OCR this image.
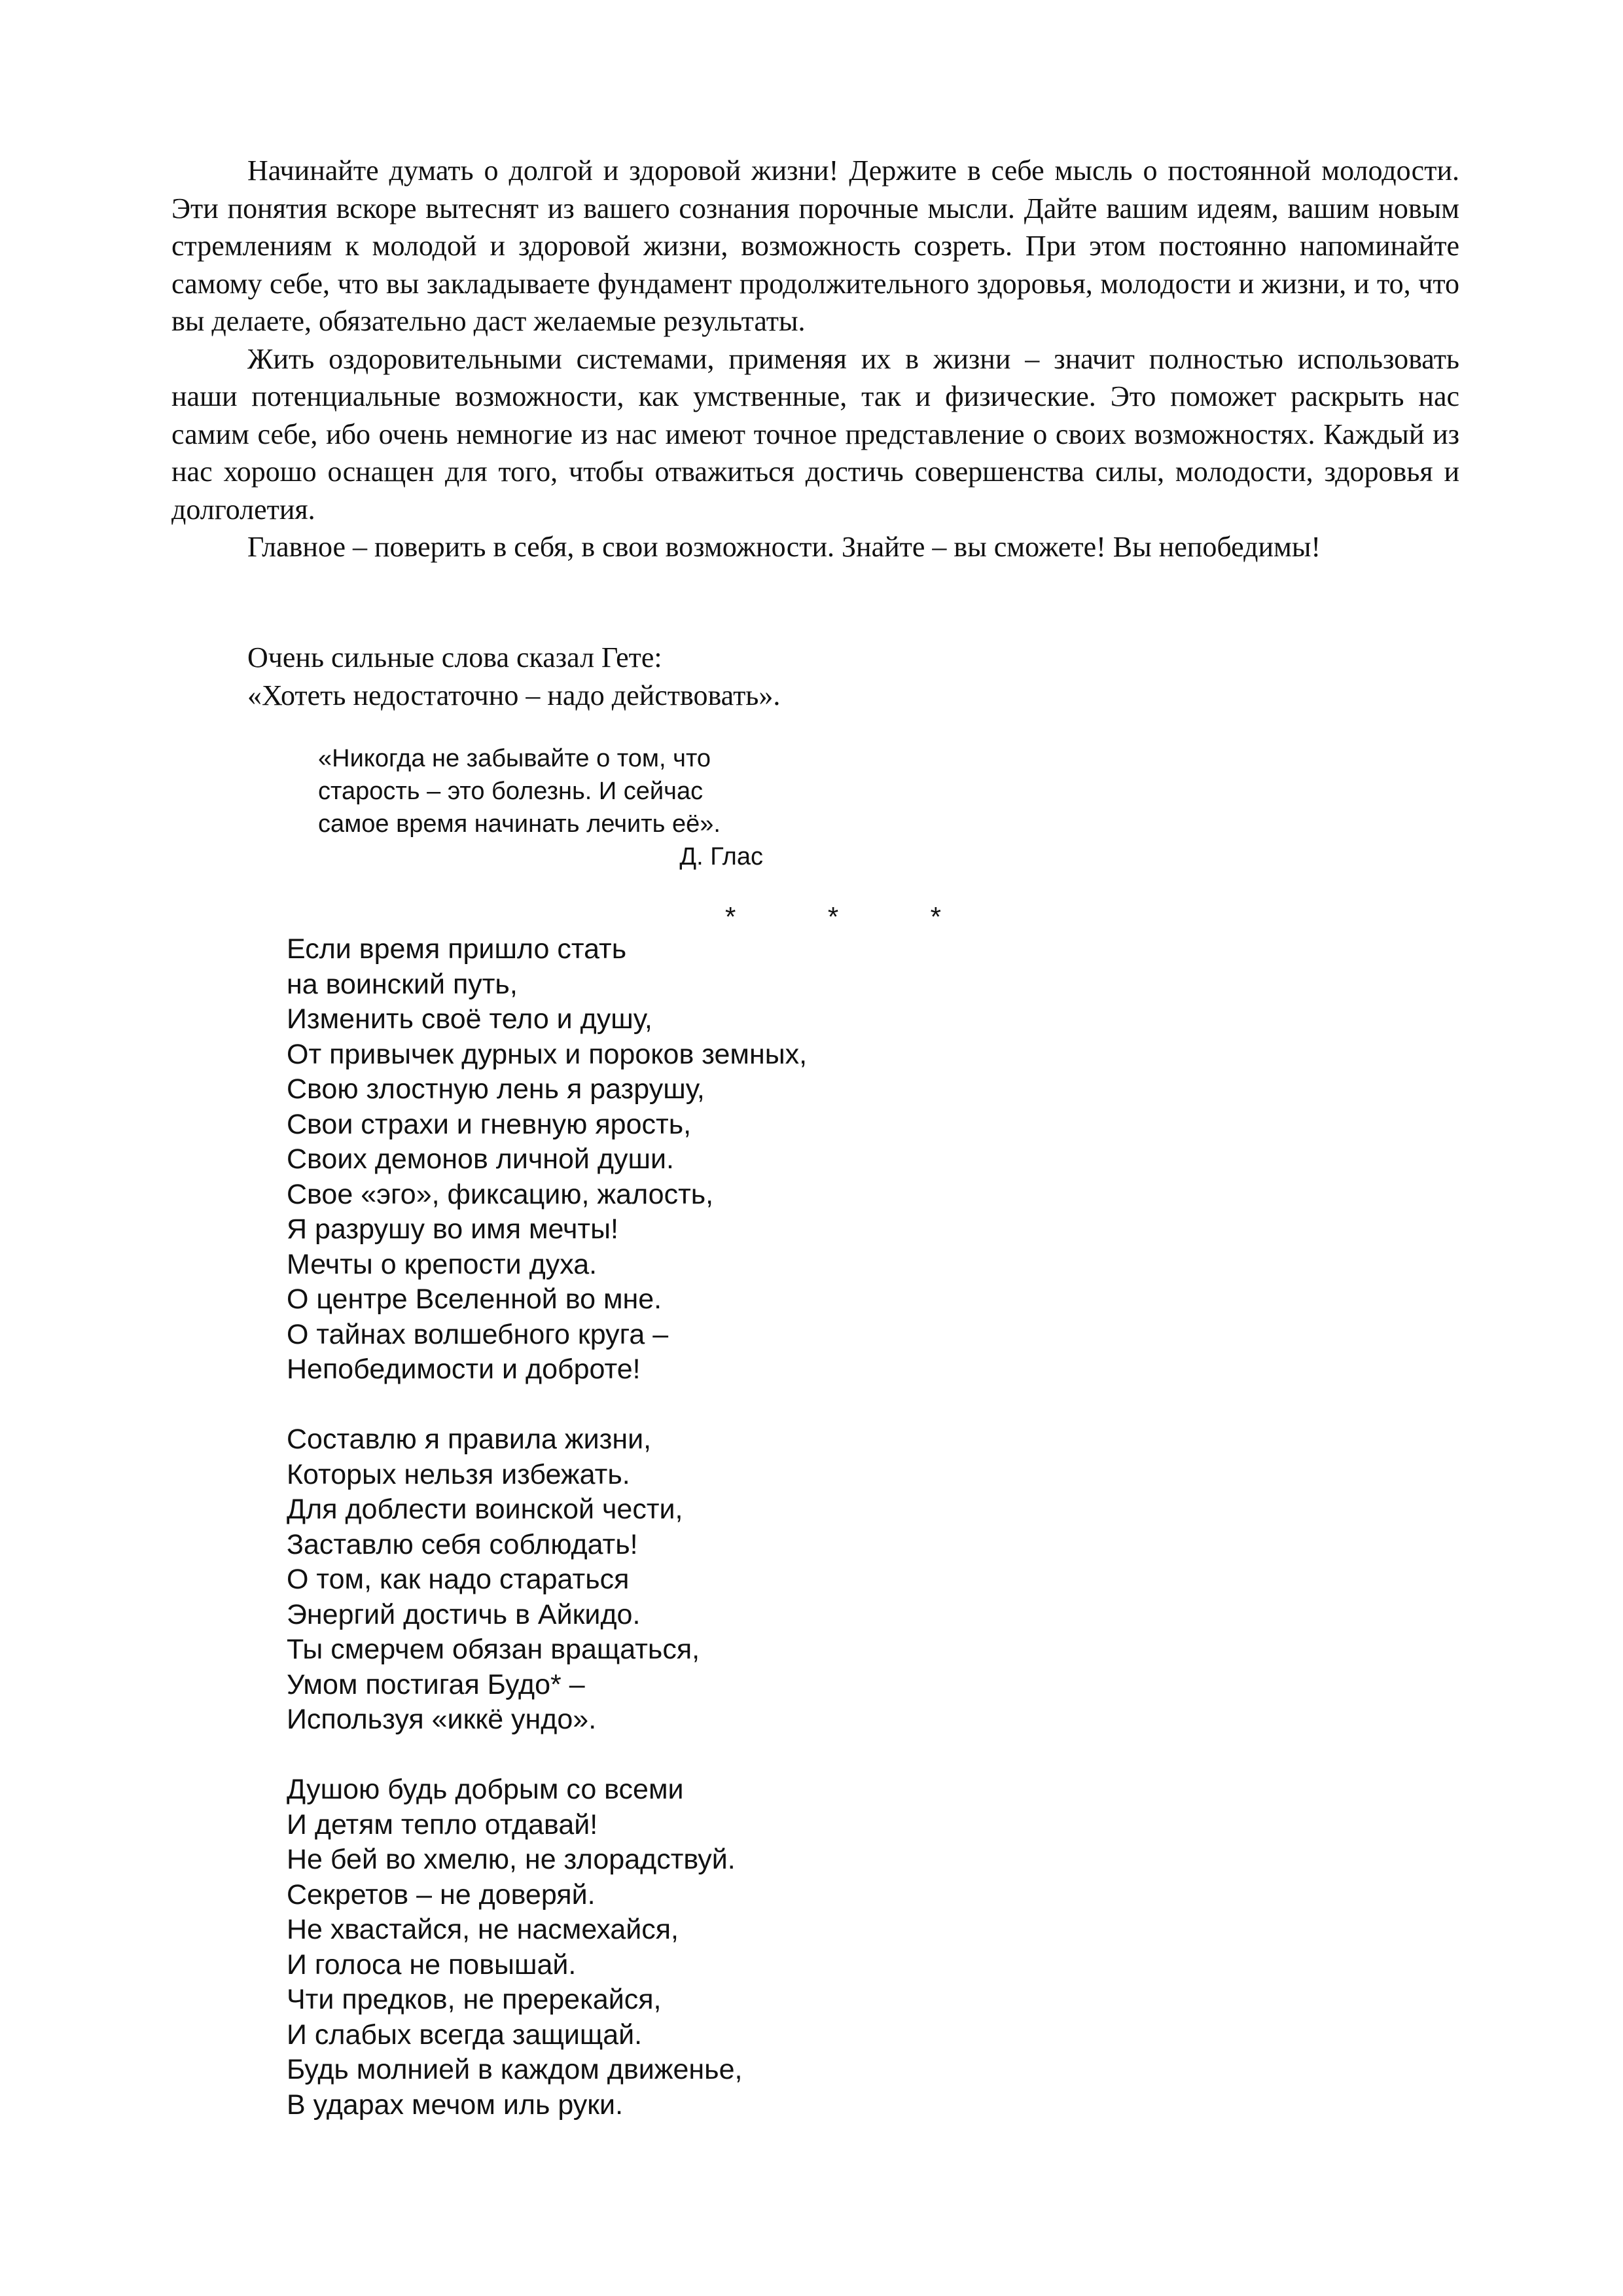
Начинайте думать о долгой и здоровой жизни! Держите в себе мысль о постоянной молодости. Эти понятия вскоре вытеснят из вашего сознания порочные мысли. Дайте вашим идеям, вашим новым стремлениям к молодой и здоровой жизни, возможность созреть. При этом постоянно напоминайте самому себе, что вы закладываете фундамент продолжительного здоровья, молодости и жизни, и то, что вы делаете, обязательно даст желаемые результаты.

Жить оздоровительными системами, применяя их в жизни – значит полностью использовать наши потенциальные возможности, как умственные, так и физические. Это поможет раскрыть нас самим себе, ибо очень немногие из нас имеют точное представление о своих возможностях. Каждый из нас хорошо оснащен для того, чтобы отважиться достичь совершенства силы, молодости, здоровья и долголетия.

Главное – поверить в себя, в свои возможности. Знайте – вы сможете! Вы непобедимы!

Очень сильные слова сказал Гете:
«Хотеть недостаточно – надо действовать».
«Никогда не забывайте о том, что
старость – это болезнь. И сейчас
самое время начинать лечить её».
Д. Глас
*	*	*
Если время пришло стать
на воинский путь,
Изменить своё тело и душу,
От привычек дурных и пороков земных,
Свою злостную лень я разрушу,
Свои страхи и гневную ярость,
Своих демонов личной души.
Свое «эго», фиксацию, жалость,
Я разрушу во имя мечты!
Мечты о крепости духа.
О центре Вселенной во мне.
О тайнах волшебного круга –
Непобедимости и доброте!
Составлю я правила жизни,
Которых нельзя избежать.
Для доблести воинской чести,
Заставлю себя соблюдать!
О том, как надо стараться
Энергий достичь в Айкидо.
Ты смерчем обязан вращаться,
Умом постигая Будо* –
Используя «иккё ундо».
Душою будь добрым со всеми
И детям тепло отдавай!
Не бей во хмелю, не злорадствуй.
Секретов – не доверяй.
Не хвастайся, не насмехайся,
И голоса не повышай.
Чти предков, не пререкайся,
И слабых всегда защищай.
Будь молнией в каждом движенье,
В ударах мечом иль руки.
